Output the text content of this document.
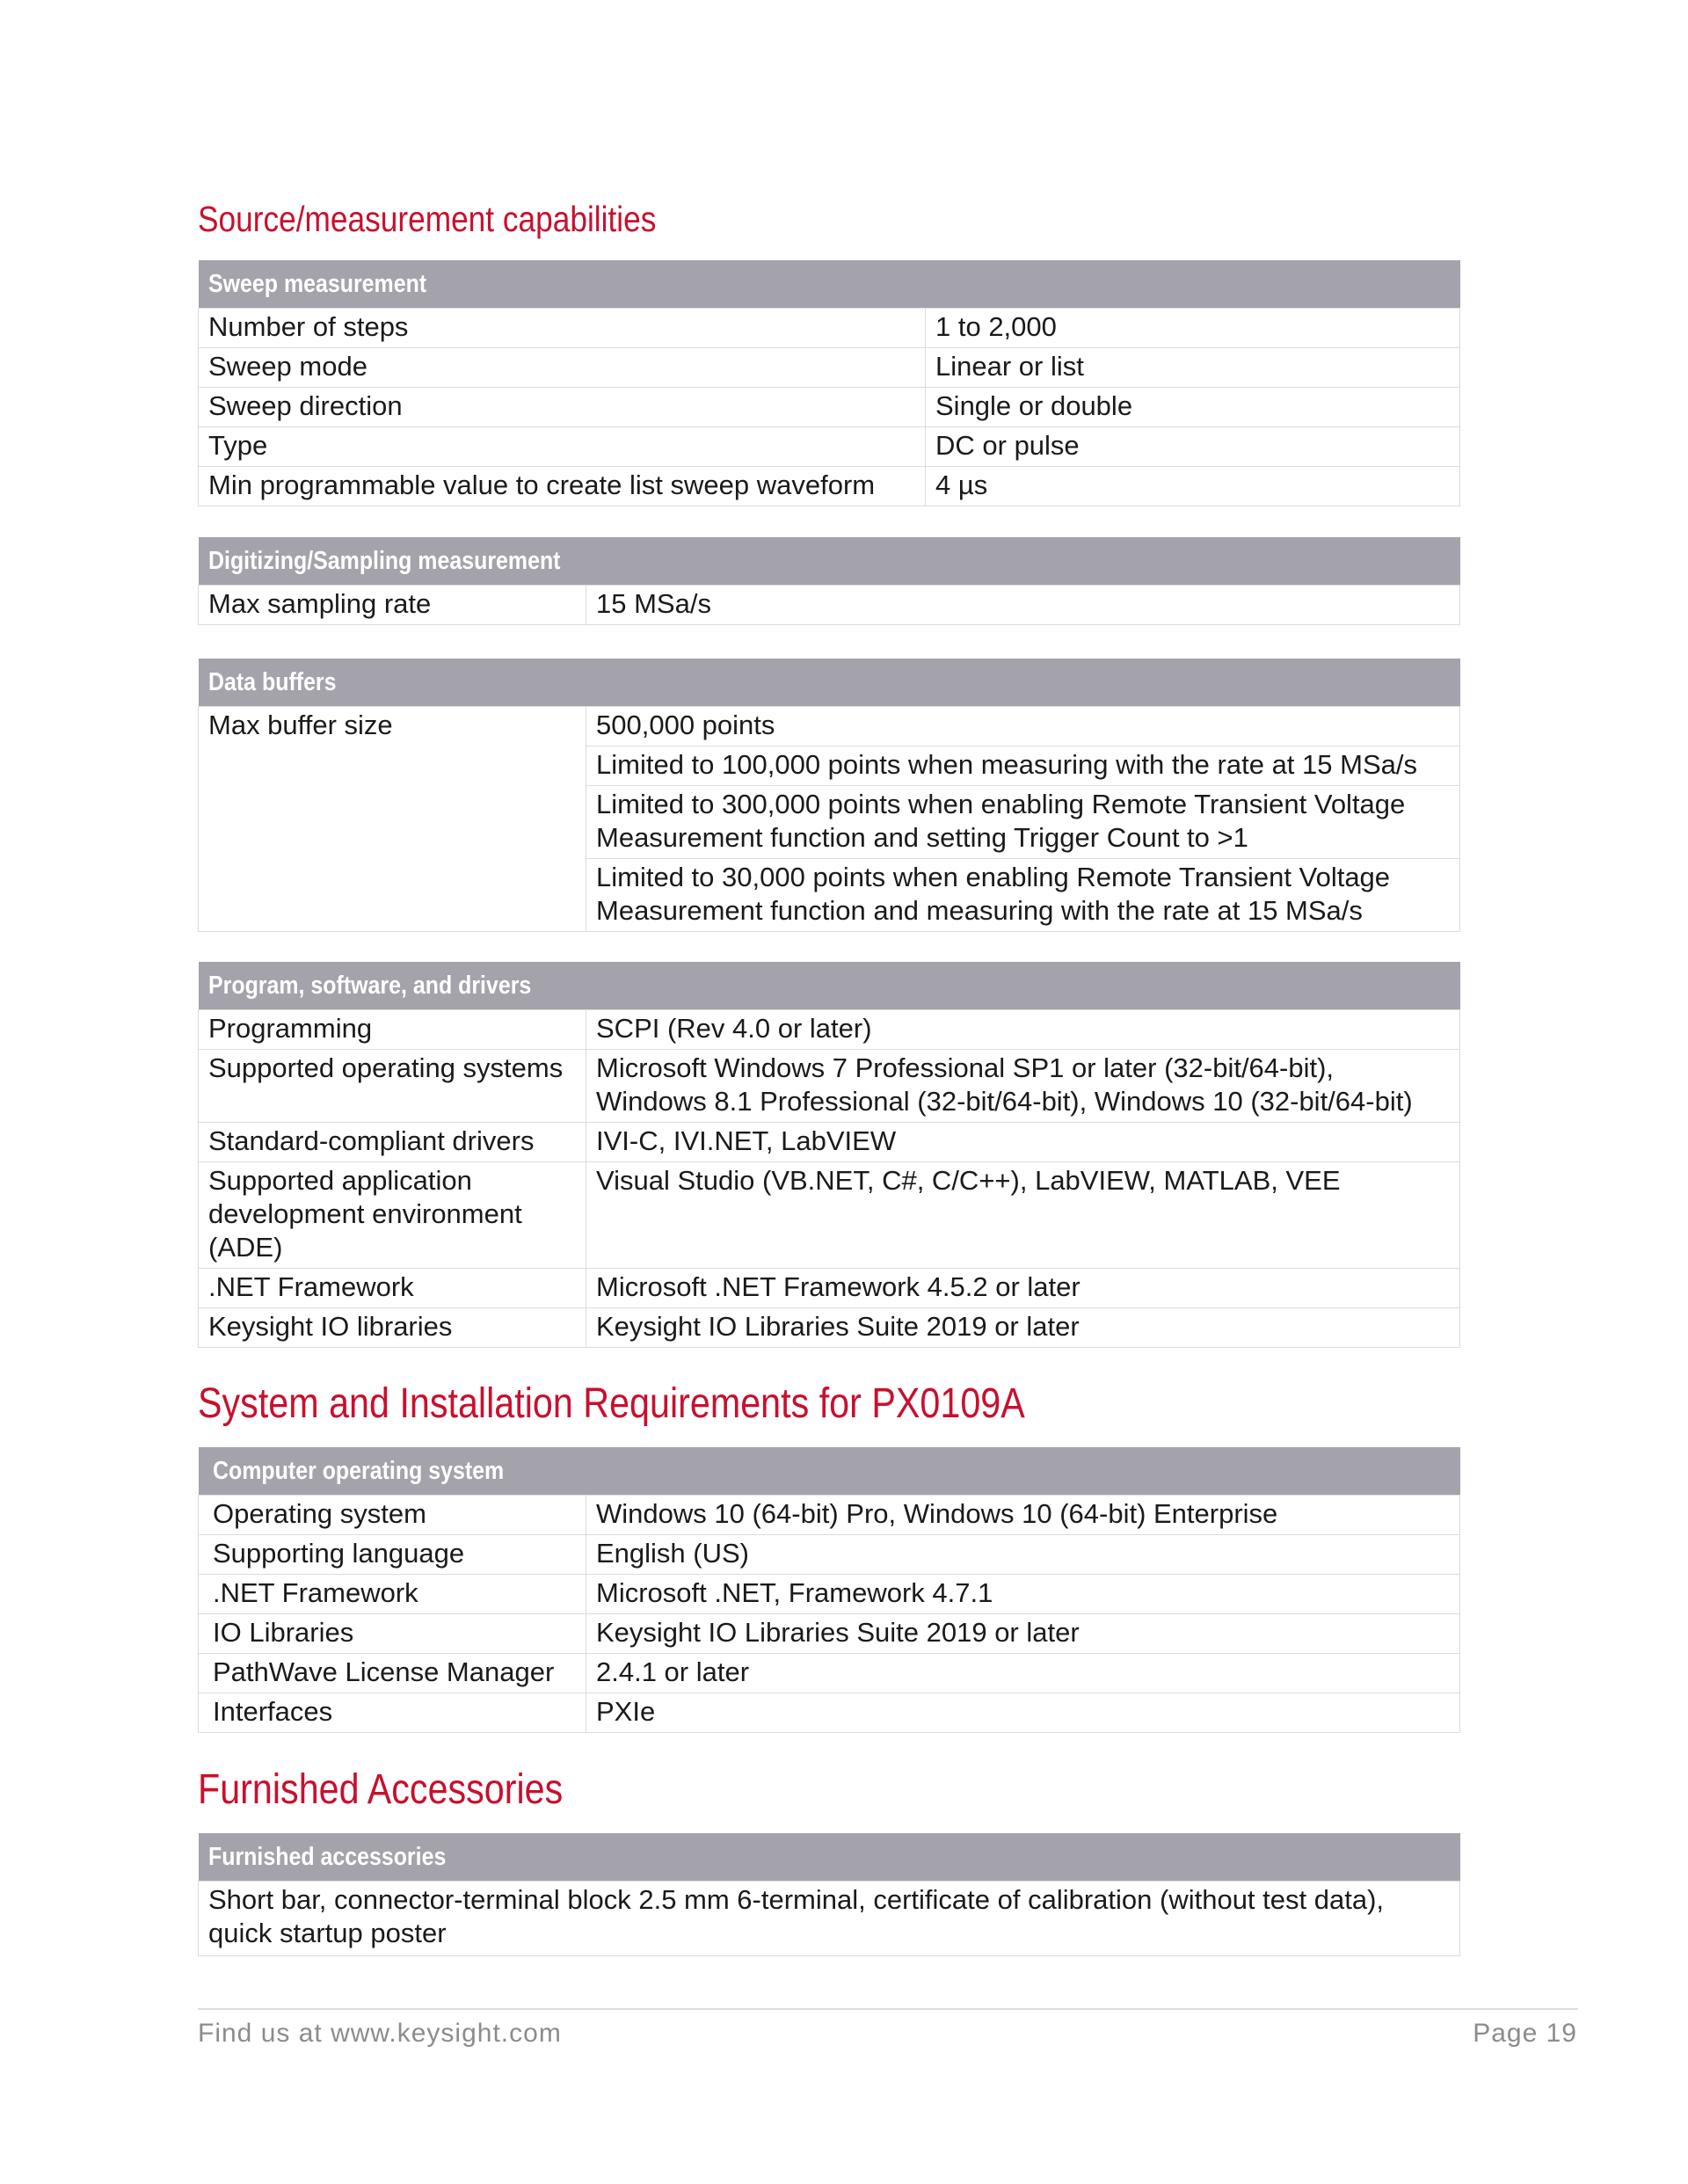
Source/measurement capabilities
Sweep measurement	
Number of steps	1 to 2,000
Sweep mode	Linear or list
Sweep direction	Single or double
Type	DC or pulse
Min programmable value to create list sweep waveform	4 µs
Digitizing/Sampling measurement
Max sampling rate	15 MSa/s
Data buffers
Max buffer size	500,000 points
Limited to 100,000 points when measuring with the rate at 15 MSa/s
Limited to 300,000 points when enabling Remote Transient Voltage Measurement function and setting Trigger Count to >1
Limited to 30,000 points when enabling Remote Transient Voltage Measurement function and measuring with the rate at 15 MSa/s
Program, software, and drivers	
Programming	SCPI (Rev 4.0 or later)
Supported operating systems	Microsoft Windows 7 Professional SP1 or later (32-bit/64-bit), Windows 8.1 Professional (32-bit/64-bit), Windows 10 (32-bit/64-bit)
Standard-compliant drivers	IVI-C, IVI.NET, LabVIEW
Supported application development environment (ADE)	Visual Studio (VB.NET, C#, C/C++), LabVIEW, MATLAB, VEE
.NET Framework	Microsoft .NET Framework 4.5.2 or later
Keysight IO libraries	Keysight IO Libraries Suite 2019 or later
System and Installation Requirements for PX0109A
Computer operating system	
Operating system	Windows 10 (64-bit) Pro, Windows 10 (64-bit) Enterprise
Supporting language	English (US)
.NET Framework	Microsoft .NET, Framework 4.7.1
IO Libraries	Keysight IO Libraries Suite 2019 or later
PathWave License Manager	2.4.1 or later
Interfaces	PXIe
Furnished Accessories
Furnished accessories
Short bar, connector-terminal block 2.5 mm 6-terminal, certificate of calibration (without test data), quick startup poster
Find us at www.keysight.com	Page 19
